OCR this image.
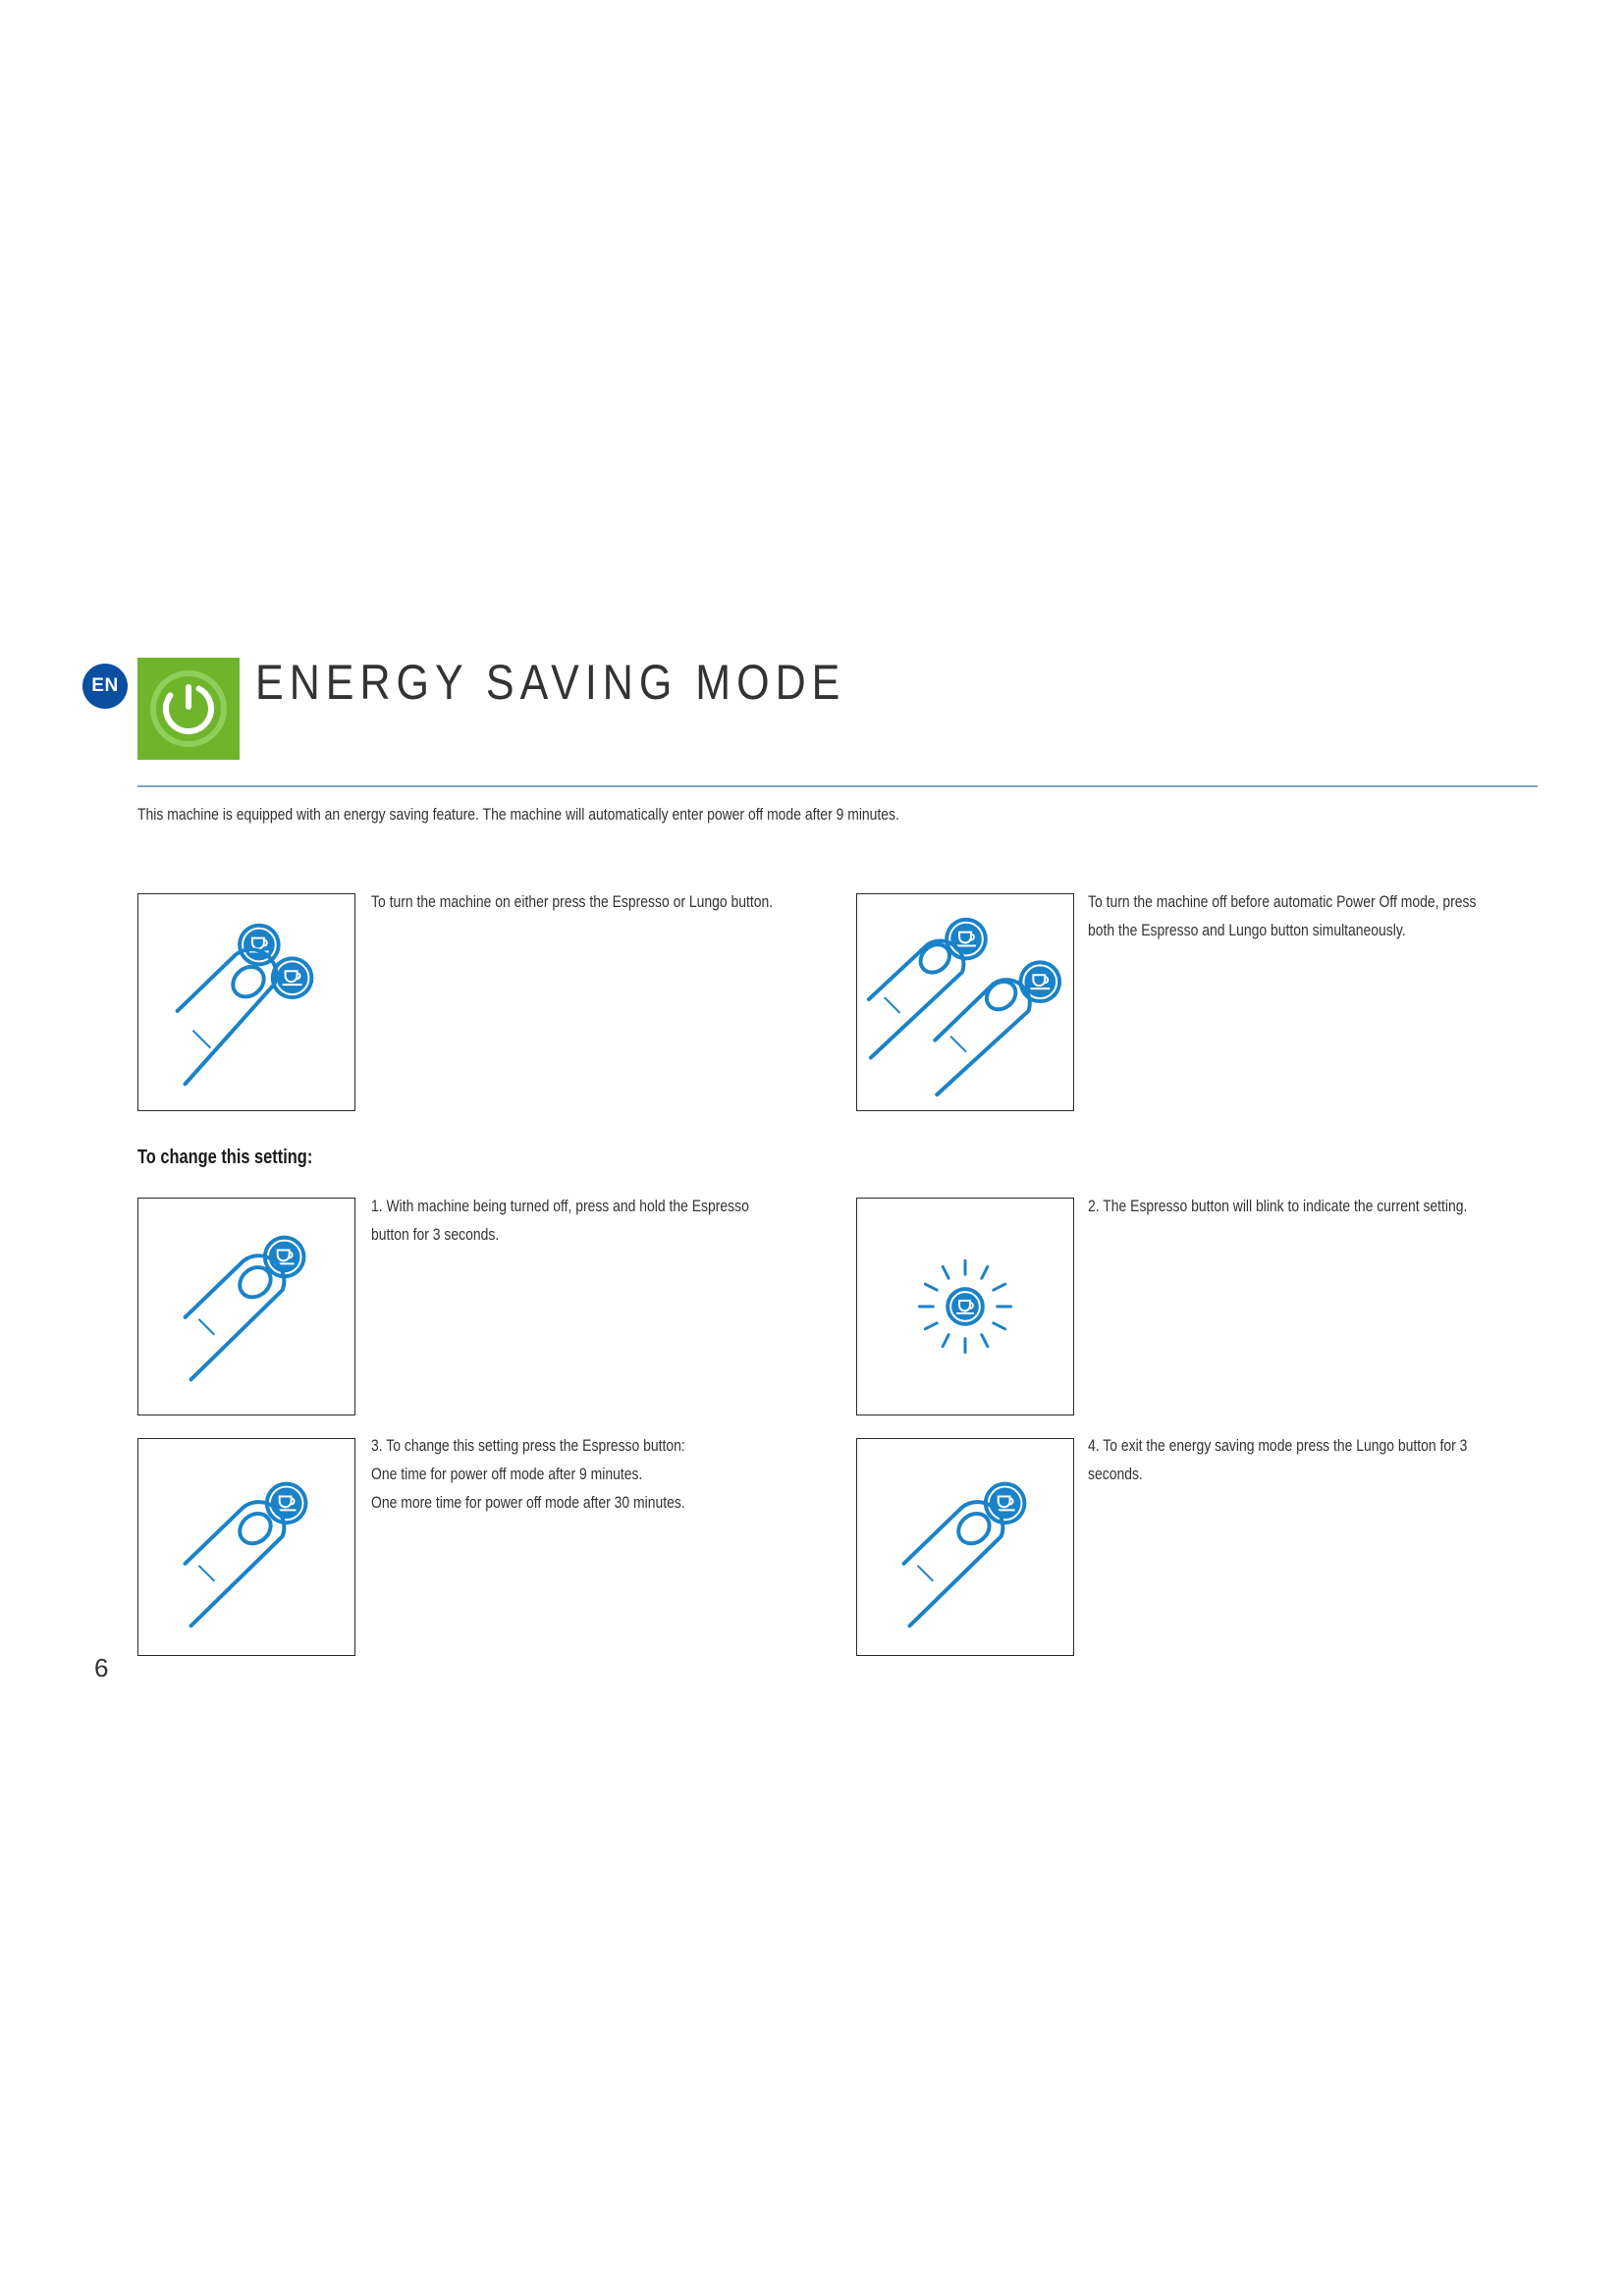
EN	ENERGY SAVING MODE
This machine is equipped with an energy saving feature. The machine will automatically enter power off mode after 9 minutes.
To turn the machine on either press the Espresso or Lungo button.	To turn the machine off before automatic Power Off mode, press
both the Espresso and Lungo button simultaneously.
To change this setting:
1. With machine being turned off, press and hold the Espresso
button for 3 seconds.
2. The Espresso button will blink to indicate the current setting.
3. To change this setting press the Espresso button:
One time for power off mode after 9 minutes.
One more time for power off mode after 30 minutes.
4. To exit the energy saving mode press the Lungo button for 3
seconds.
6
